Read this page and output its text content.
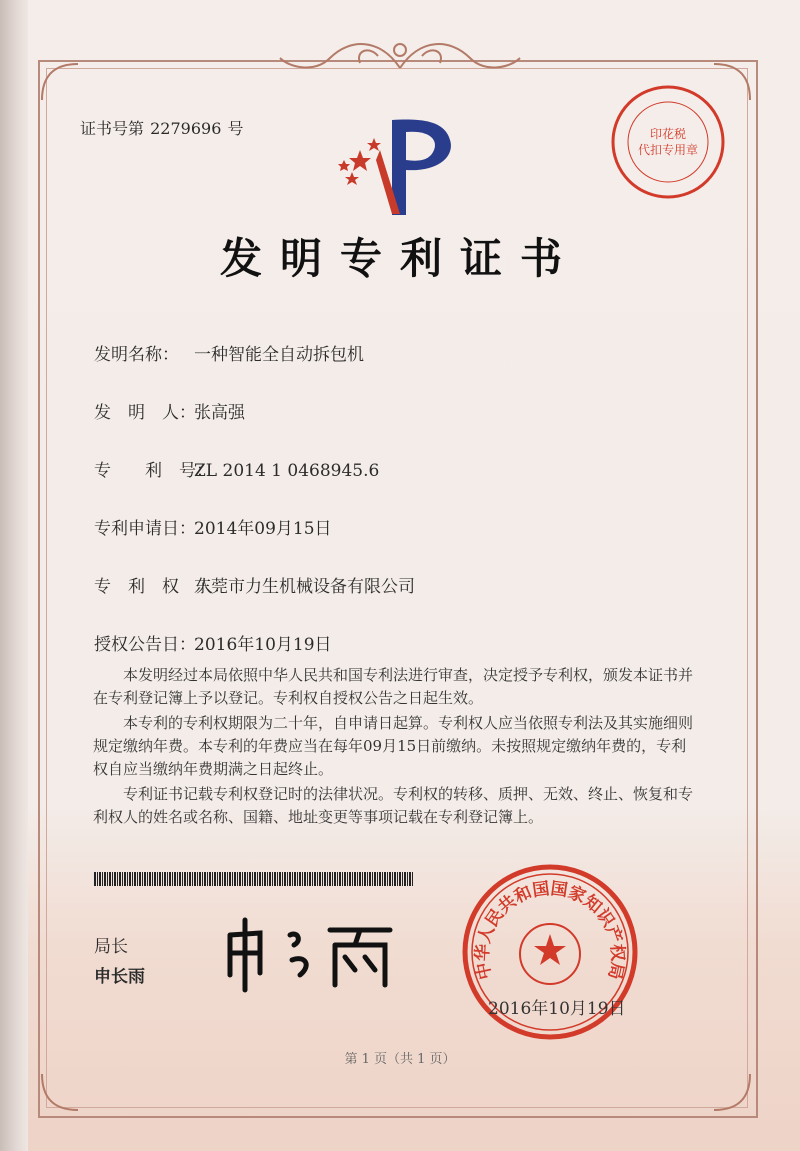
证书号第 2279696 号	印花税
代扣专用章
发明专利证书
发明名称： 一种智能全自动拆包机
发　明　人：张高强
专　　利　号：ZL 2014 1 0468945.6
专利申请日：2014年09月15日
专　利　权　人：东莞市力生机械设备有限公司
授权公告日：2016年10月19日

本发明经过本局依照中华人民共和国专利法进行审查，决定授予专利权，颁发本证书并在专利登记簿上予以登记。专利权自授权公告之日起生效。

本专利的专利权期限为二十年，自申请日起算。专利权人应当依照专利法及其实施细则规定缴纳年费。本专利的年费应当在每年09月15日前缴纳。未按照规定缴纳年费的，专利权自应当缴纳年费期满之日起终止。

专利证书记载专利权登记时的法律状况。专利权的转移、质押、无效、终止、恢复和专利权人的姓名或名称、国籍、地址变更等事项记载在专利登记簿上。

局长
申长雨	中华人民共和国国家知识产权局
2016年10月19日
第 1 页（共 1 页）
